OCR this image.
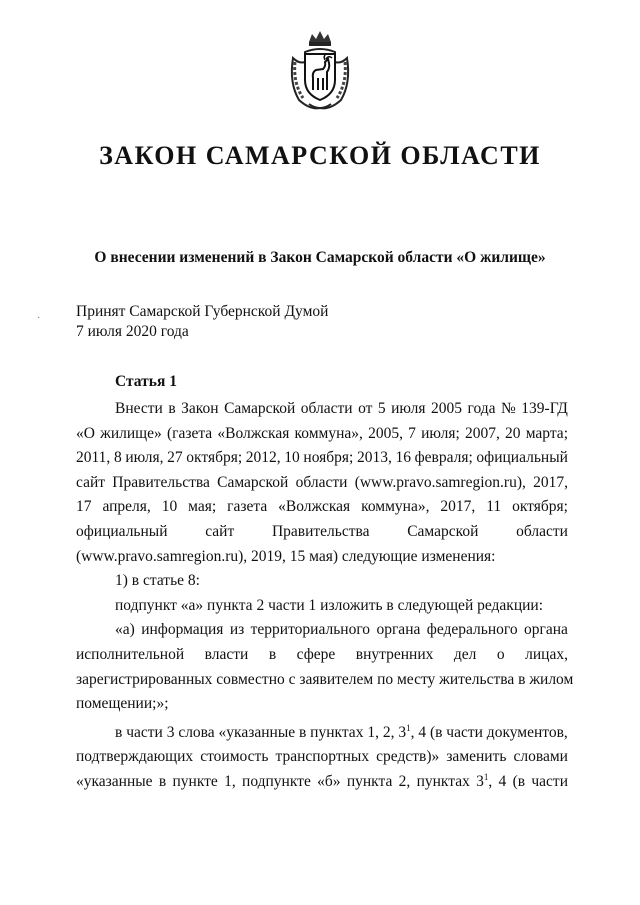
ЗАКОН САМАРСКОЙ ОБЛАСТИ
О внесении изменений в Закон Самарской области «О жилище»
Принят Самарской Губернской Думой
7 июля 2020 года
Статья 1
Внести в Закон Самарской области от 5 июля 2005 года № 139-ГД
«О жилище» (газета «Волжская коммуна», 2005, 7 июля; 2007, 20 марта;
2011, 8 июля, 27 октября; 2012, 10 ноября; 2013, 16 февраля; официальный
сайт Правительства Самарской области (www.pravo.samregion.ru), 2017,
17 апреля, 10 мая; газета «Волжская коммуна», 2017, 11 октября;
официальный сайт Правительства Самарской области
(www.pravo.samregion.ru), 2019, 15 мая) следующие изменения:
1) в статье 8:
подпункт «а» пункта 2 части 1 изложить в следующей редакции:
«а) информация из территориального органа федерального органа
исполнительной власти в сфере внутренних дел о лицах,
зарегистрированных совместно с заявителем по месту жительства в жилом
помещении;»;
в части 3 слова «указанные в пунктах 1, 2, $3^1$, 4 (в части документов,
подтверждающих стоимость транспортных средств)» заменить словами
«указанные в пункте 1, подпункте «б» пункта 2, пунктах $3^1$, 4 (в части
·
